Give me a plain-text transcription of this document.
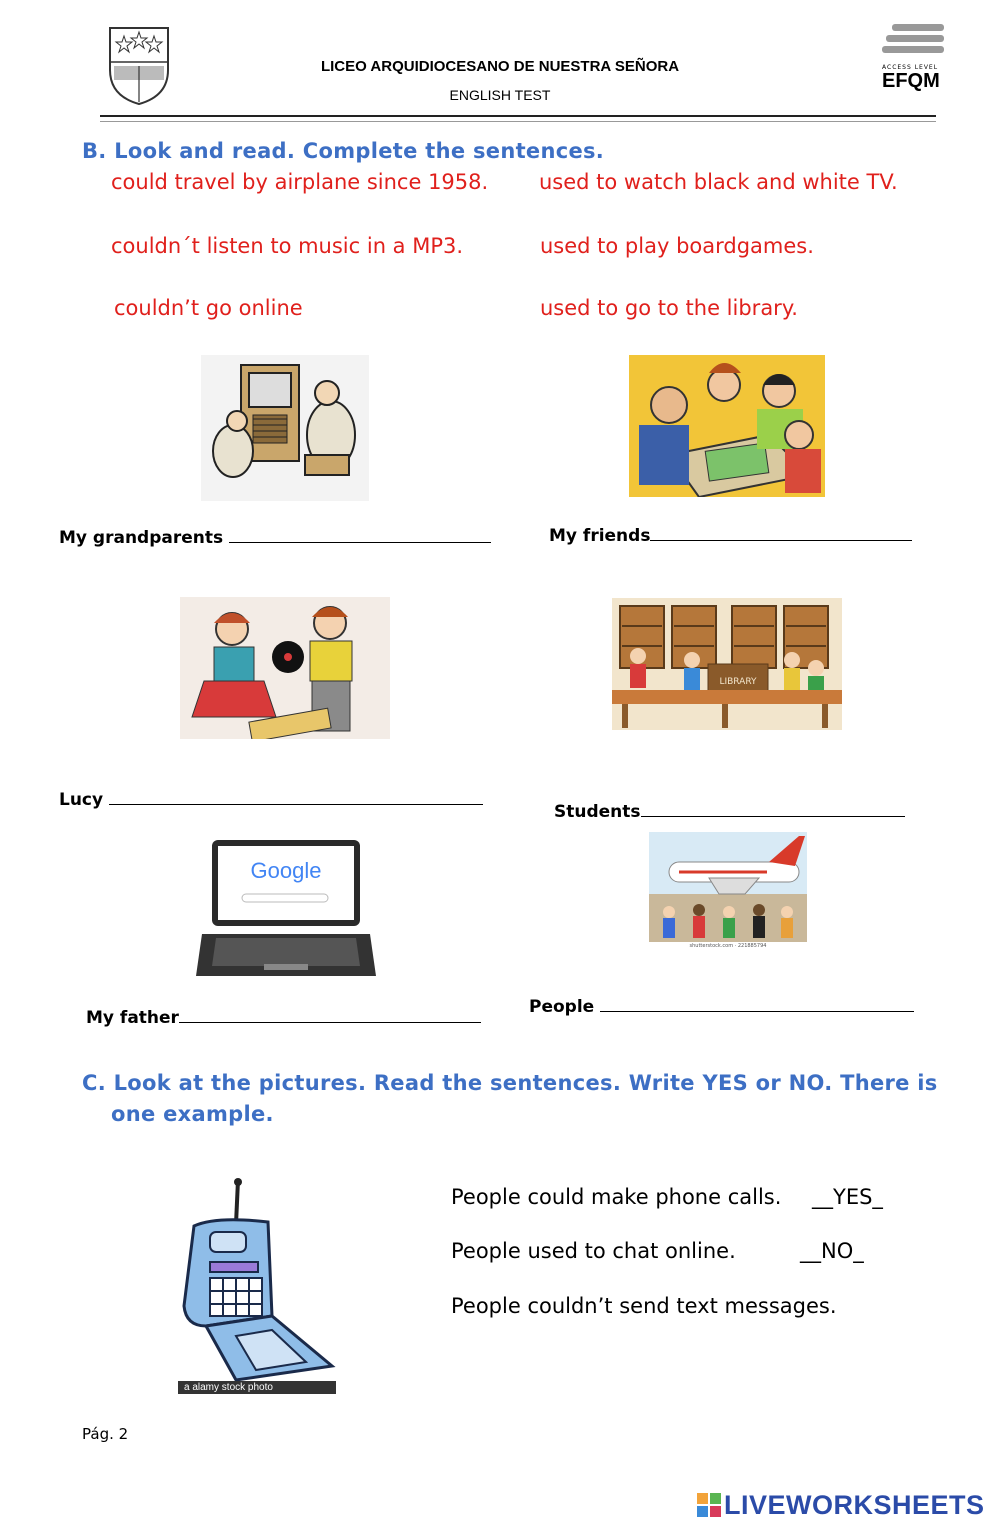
LICEO ARQUIDIOCESANO DE NUESTRA SEÑORA
ENGLISH TEST
ACCESS LEVEL
EFQM
B. Look and read. Complete the sentences.
could travel by airplane since 1958. used to watch black and white TV.
couldn´t listen to music in a MP3.	used to play boardgames.
couldn’t go online	used to go to the library.
My grandparents	My friends
LIBRARY
Lucy
Students
Google
shutterstock.com · 221885794
My father
People
C. Look at the pictures. Read the sentences. Write YES or NO. There is one example.
a alamy stock photo
People could make phone calls. __YES_
People used to chat online.	__NO_
People couldn’t send text messages.
Pág. 2
LIVEWORKSHEETS
